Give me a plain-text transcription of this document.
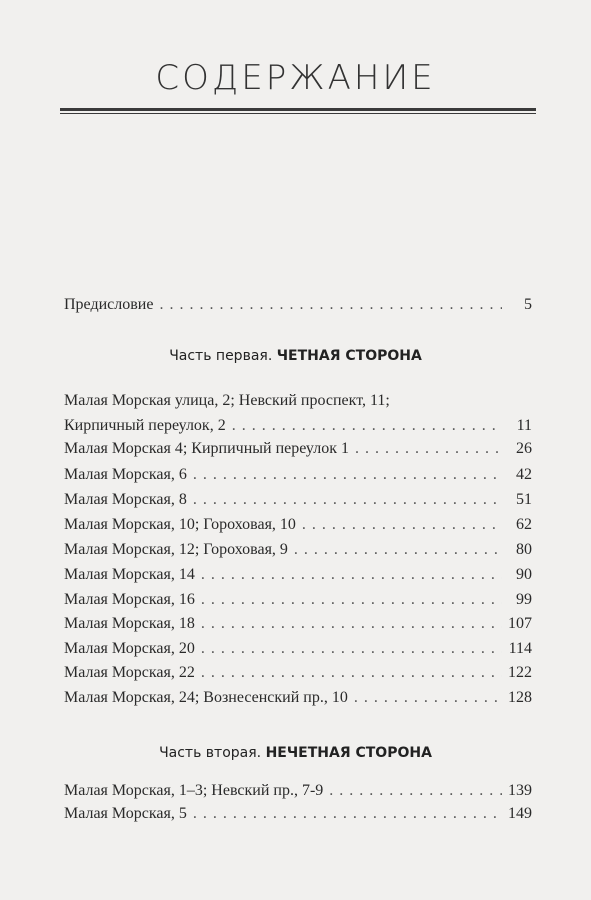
СОДЕРЖАНИЕ
Предисловие . . .	5
Часть первая. ЧЕТНАЯ СТОРОНА
Малая Морская улица, 2; Невский проспект, 11;
Кирпичный переулок, 2 . . .	11
Малая Морская 4; Кирпичный переулок 1 . . .	26
Малая Морская, 6 . . .	42
Малая Морская, 8 . . .	51
Малая Морская, 10; Гороховая, 10 . . .	62
Малая Морская, 12; Гороховая, 9 . . .	80
Малая Морская, 14 . . .	90
Малая Морская, 16 . . .	99
Малая Морская, 18 . . .	107
Малая Морская, 20 . . .	114
Малая Морская, 22 . . .	122
Малая Морская, 24; Вознесенский пр., 10 . . .	128
Часть вторая. НЕЧЕТНАЯ СТОРОНА
Малая Морская, 1–3; Невский пр., 7-9 . . .	139
Малая Морская, 5 . . .	149
